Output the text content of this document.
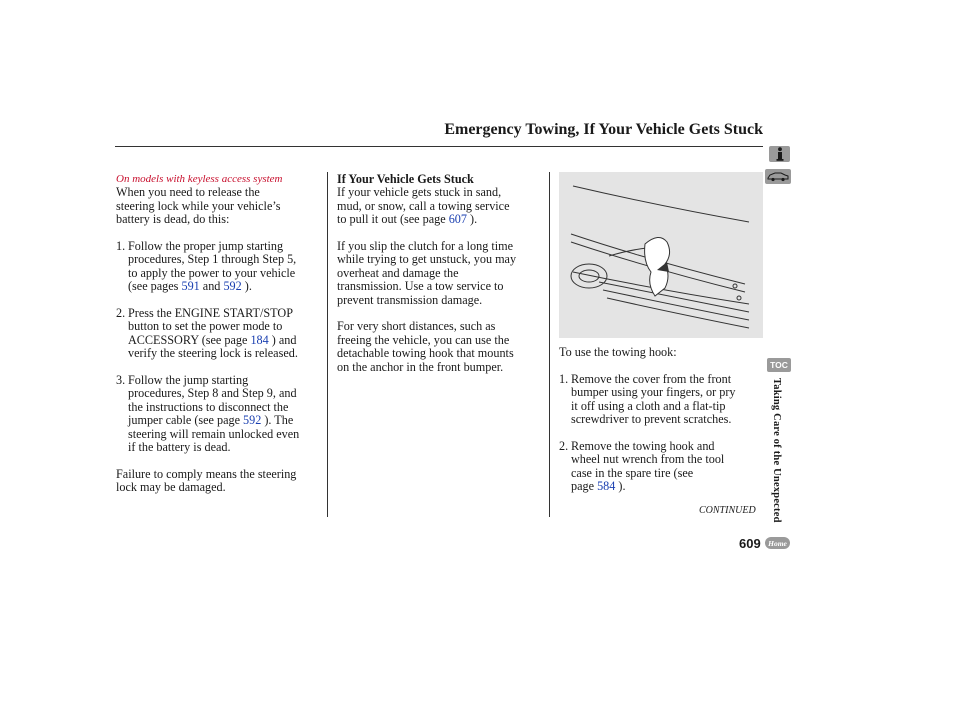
Emergency Towing, If Your Vehicle Gets Stuck

On models with keyless access system

When you need to release the

steering lock while your vehicle’s

battery is dead, do this:

1. Follow the proper jump starting

procedures, Step 1 through Step 5,

to apply the power to your vehicle

(see pages 591 and 592 ).

2. Press the ENGINE START/STOP

button to set the power mode to

ACCESSORY (see page 184 ) and

verify the steering lock is released.

3. Follow the jump starting

procedures, Step 8 and Step 9, and

the instructions to disconnect the

jumper cable (see page 592 ). The

steering will remain unlocked even

if the battery is dead.

Failure to comply means the steering

lock may be damaged.

If Your Vehicle Gets Stuck

If your vehicle gets stuck in sand,

mud, or snow, call a towing service

to pull it out (see page 607 ).

If you slip the clutch for a long time

while trying to get unstuck, you may

overheat and damage the

transmission. Use a tow service to

prevent transmission damage.

For very short distances, such as

freeing the vehicle, you can use the

detachable towing hook that mounts

on the anchor in the front bumper.

To use the towing hook:

1. Remove the cover from the front

bumper using your fingers, or pry

it off using a cloth and a flat-tip

screwdriver to prevent scratches.

2. Remove the towing hook and

wheel nut wrench from the tool

case in the spare tire (see

page 584 ).

CONTINUED
TOC
Taking Care of the Unexpected
609 Home
